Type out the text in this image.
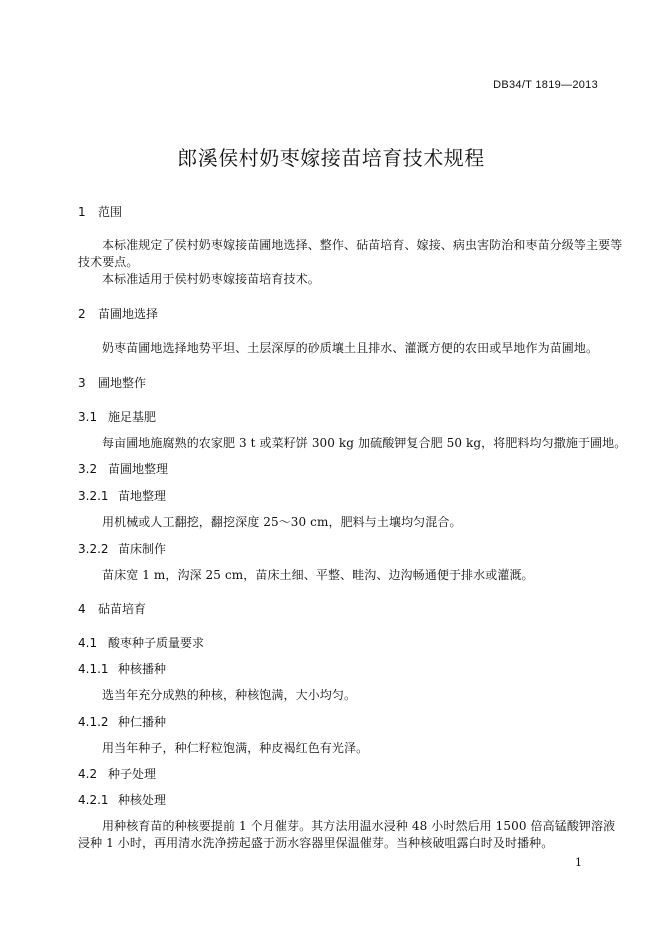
DB34/T 1819—2013
郎溪侯村奶枣嫁接苗培育技术规程
1 范围
本标准规定了侯村奶枣嫁接苗圃地选择、整作、砧苗培育、嫁接、病虫害防治和枣苗分级等主要等
技术要点。
本标准适用于侯村奶枣嫁接苗培育技术。
2 苗圃地选择
奶枣苗圃地选择地势平坦、土层深厚的砂质壤土且排水、灌溉方便的农田或旱地作为苗圃地。
3 圃地整作
3.1 施足基肥
每亩圃地施腐熟的农家肥 3 t 或菜籽饼 300 kg 加硫酸钾复合肥 50 kg，将肥料均匀撒施于圃地。
3.2 苗圃地整理
3.2.1 苗地整理
用机械或人工翻挖，翻挖深度 25～30 cm，肥料与土壤均匀混合。
3.2.2 苗床制作
苗床宽 1 m，沟深 25 cm，苗床土细、平整、畦沟、边沟畅通便于排水或灌溉。
4 砧苗培育
4.1 酸枣种子质量要求
4.1.1 种核播种
选当年充分成熟的种核，种核饱满，大小均匀。
4.1.2 种仁播种
用当年种子，种仁籽粒饱满，种皮褐红色有光泽。
4.2 种子处理
4.2.1 种核处理
用种核育苗的种核要提前 1 个月催芽。其方法用温水浸种 48 小时然后用 1500 倍高锰酸钾溶液
浸种 1 小时，再用清水洗净捞起盛于沥水容器里保温催芽。当种核破咀露白时及时播种。
1
